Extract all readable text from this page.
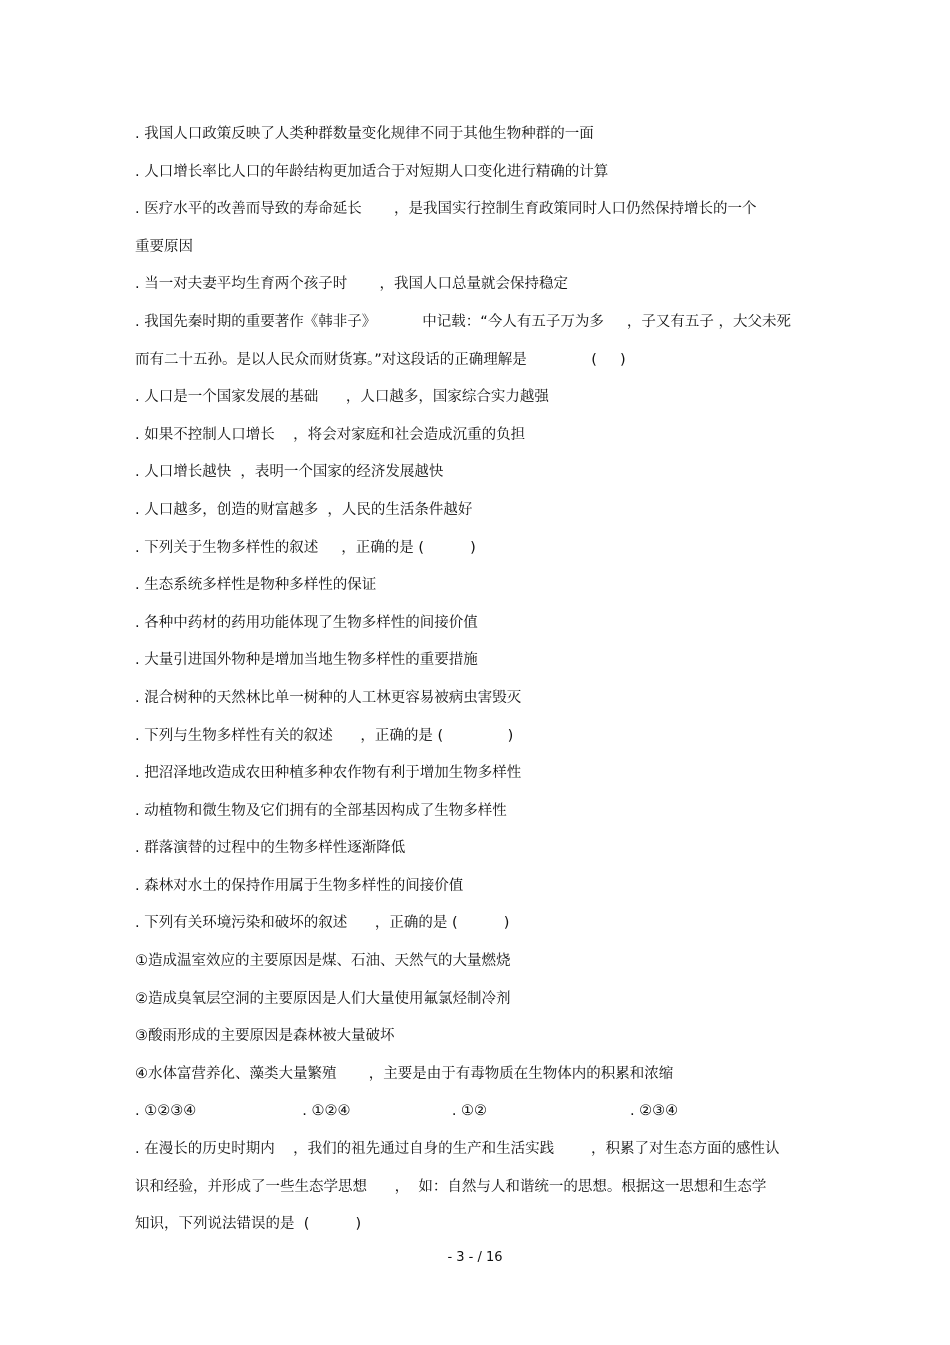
. 我国人口政策反映了人类种群数量变化规律不同于其他生物种群的一面
. 人口增长率比人口的年龄结构更加适合于对短期人口变化进行精确的计算
. 医疗水平的改善而导致的寿命延长       ，是我国实行控制生育政策同时人口仍然保持增长的一个
重要原因
. 当一对夫妻平均生育两个孩子时       ，我国人口总量就会保持稳定
. 我国先秦时期的重要著作《韩非子》          中记载：“今人有五子万为多     ，子又有五子 ，大父未死
而有二十五孙。是以人民众而财货寡。”对这段话的正确理解是              (     )
. 人口是一个国家发展的基础      ，人口越多，国家综合实力越强
. 如果不控制人口增长    ，将会对家庭和社会造成沉重的负担
. 人口增长越快  ，表明一个国家的经济发展越快
. 人口越多，创造的财富越多  ，人民的生活条件越好
. 下列关于生物多样性的叙述     ，正确的是 (          )
. 生态系统多样性是物种多样性的保证
. 各种中药材的药用功能体现了生物多样性的间接价值
. 大量引进国外物种是增加当地生物多样性的重要措施
. 混合树种的天然林比单一树种的人工林更容易被病虫害毁灭
. 下列与生物多样性有关的叙述      ，正确的是 (              )
. 把沼泽地改造成农田种植多种农作物有利于增加生物多样性
. 动植物和微生物及它们拥有的全部基因构成了生物多样性
. 群落演替的过程中的生物多样性逐渐降低
. 森林对水土的保持作用属于生物多样性的间接价值
. 下列有关环境污染和破坏的叙述      ，正确的是 (          )
①造成温室效应的主要原因是煤、石油、天然气的大量燃烧
②造成臭氧层空洞的主要原因是人们大量使用氟氯烃制冷剂
③酸雨形成的主要原因是森林被大量破坏
④水体富营养化、藻类大量繁殖       ，主要是由于有毒物质在生物体内的积累和浓缩
. ①②③④                       . ①②④                      . ①②                               . ②③④
. 在漫长的历史时期内    ，我们的祖先通过自身的生产和生活实践        ，积累了对生态方面的感性认
识和经验，并形成了一些生态学思想      ，  如：自然与人和谐统一的思想。根据这一思想和生态学
知识，下列说法错误的是  (          )
- 3 - / 16
